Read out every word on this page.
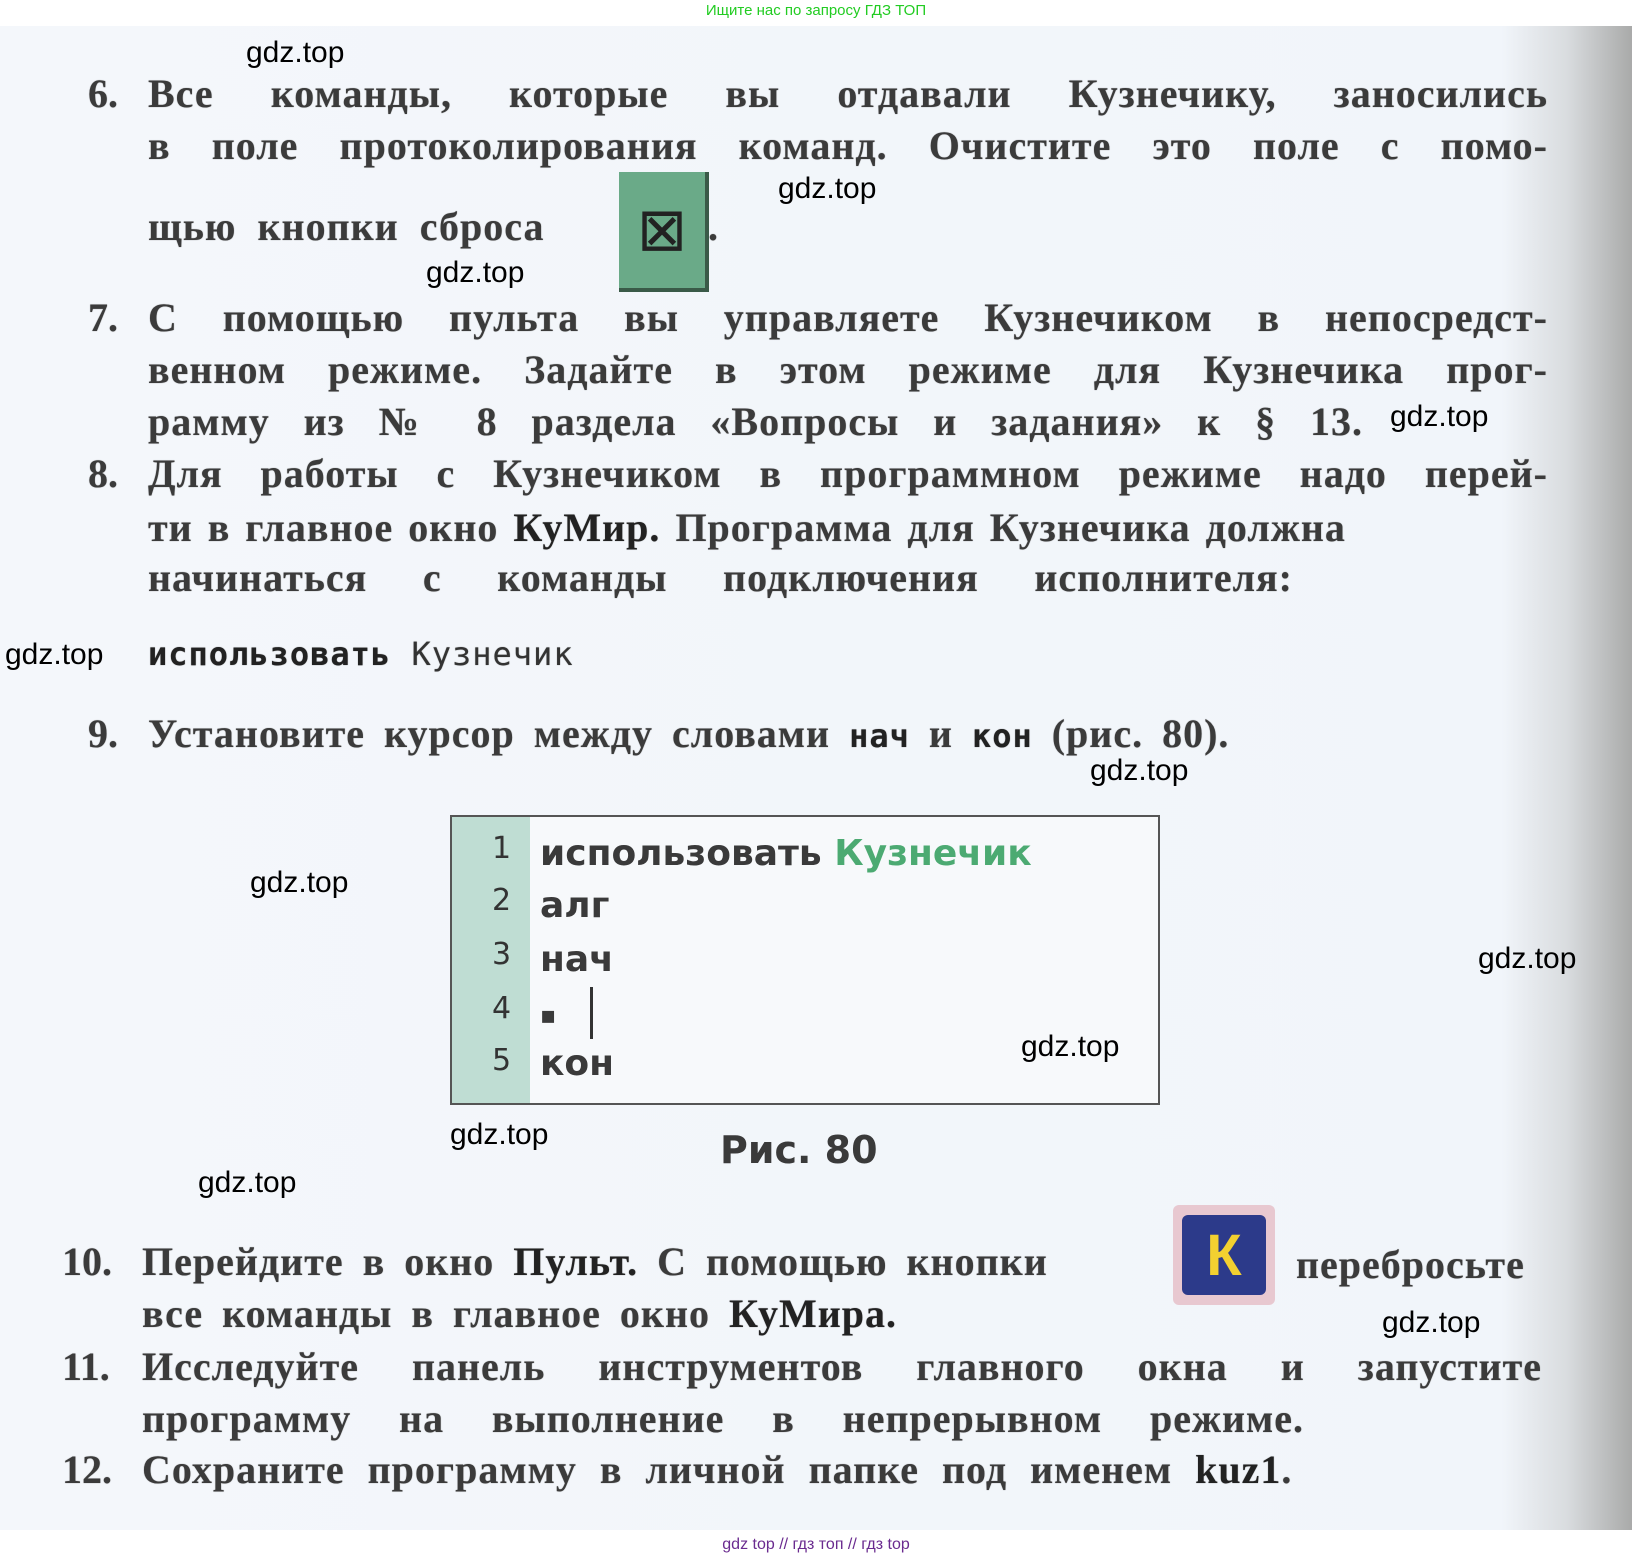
Ищите нас по запросу ГДЗ ТОП
6. Все команды, которые вы отдавали Кузнечику, заносились
в поле протоколирования команд. Очистите это поле с помо-
щью кнопки сброса ⊠ .
7. С помощью пульта вы управляете Кузнечиком в непосредст-
венном режиме. Задайте в этом режиме для Кузнечика прог-
рамму из № 8 раздела «Вопросы и задания» к § 13.
8. Для работы с Кузнечиком в программном режиме надо перей-
ти в главное окно КуМир. Программа для Кузнечика должна
начинаться с команды подключения исполнителя:
использовать Кузнечик
9. Установите курсор между словами нач и кон (рис. 80).
1
2
3
4
5
использовать Кузнечик
алг
нач
▪
кон
Рис. 80
10. Перейдите в окно Пульт. С помощью кнопки	К	перебросьте
все команды в главное окно КуМира.
11. Исследуйте панель инструментов главного окна и запустите
программу на выполнение в непрерывном режиме.
12. Сохраните программу в личной папке под именем kuz1.
gdz.top
gdz.top
gdz.top
gdz.top
gdz.top
gdz.top
gdz.top
gdz.top
gdz.top
gdz.top
gdz.top
gdz.top
gdz top // гдз топ // гдз top
